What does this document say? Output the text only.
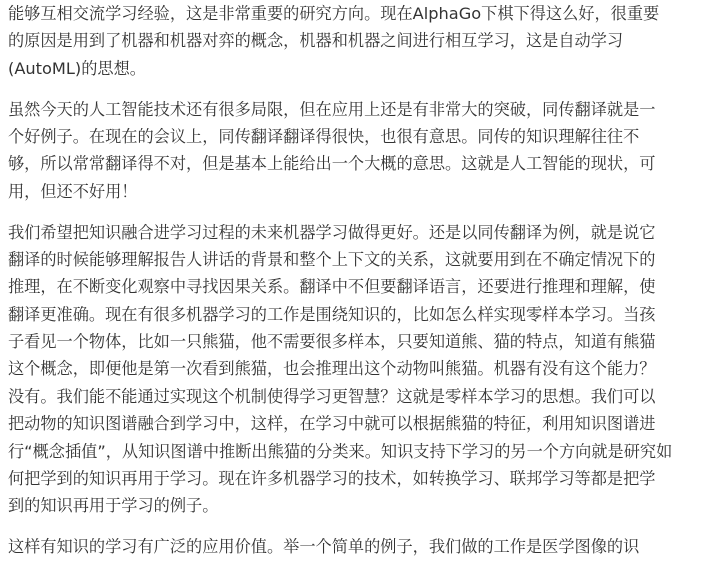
能够互相交流学习经验，这是非常重要的研究方向。现在AlphaGo下棋下得这么好，很重要
的原因是用到了机器和机器对弈的概念，机器和机器之间进行相互学习，这是自动学习
(AutoML)的思想。
虽然今天的人工智能技术还有很多局限，但在应用上还是有非常大的突破，同传翻译就是一
个好例子。在现在的会议上，同传翻译翻译得很快，也很有意思。同传的知识理解往往不
够，所以常常翻译得不对，但是基本上能给出一个大概的意思。这就是人工智能的现状，可
用，但还不好用！
我们希望把知识融合进学习过程的未来机器学习做得更好。还是以同传翻译为例，就是说它
翻译的时候能够理解报告人讲话的背景和整个上下文的关系，这就要用到在不确定情况下的
推理，在不断变化观察中寻找因果关系。翻译中不但要翻译语言，还要进行推理和理解，使
翻译更准确。现在有很多机器学习的工作是围绕知识的，比如怎么样实现零样本学习。当孩
子看见一个物体，比如一只熊猫，他不需要很多样本，只要知道熊、猫的特点，知道有熊猫
这个概念，即便他是第一次看到熊猫，也会推理出这个动物叫熊猫。机器有没有这个能力？
没有。我们能不能通过实现这个机制使得学习更智慧？这就是零样本学习的思想。我们可以
把动物的知识图谱融合到学习中，这样，在学习中就可以根据熊猫的特征，利用知识图谱进
行“概念插值”，从知识图谱中推断出熊猫的分类来。知识支持下学习的另一个方向就是研究如
何把学到的知识再用于学习。现在许多机器学习的技术，如转换学习、联邦学习等都是把学
到的知识再用于学习的例子。
这样有知识的学习有广泛的应用价值。举一个简单的例子，我们做的工作是医学图像的识
